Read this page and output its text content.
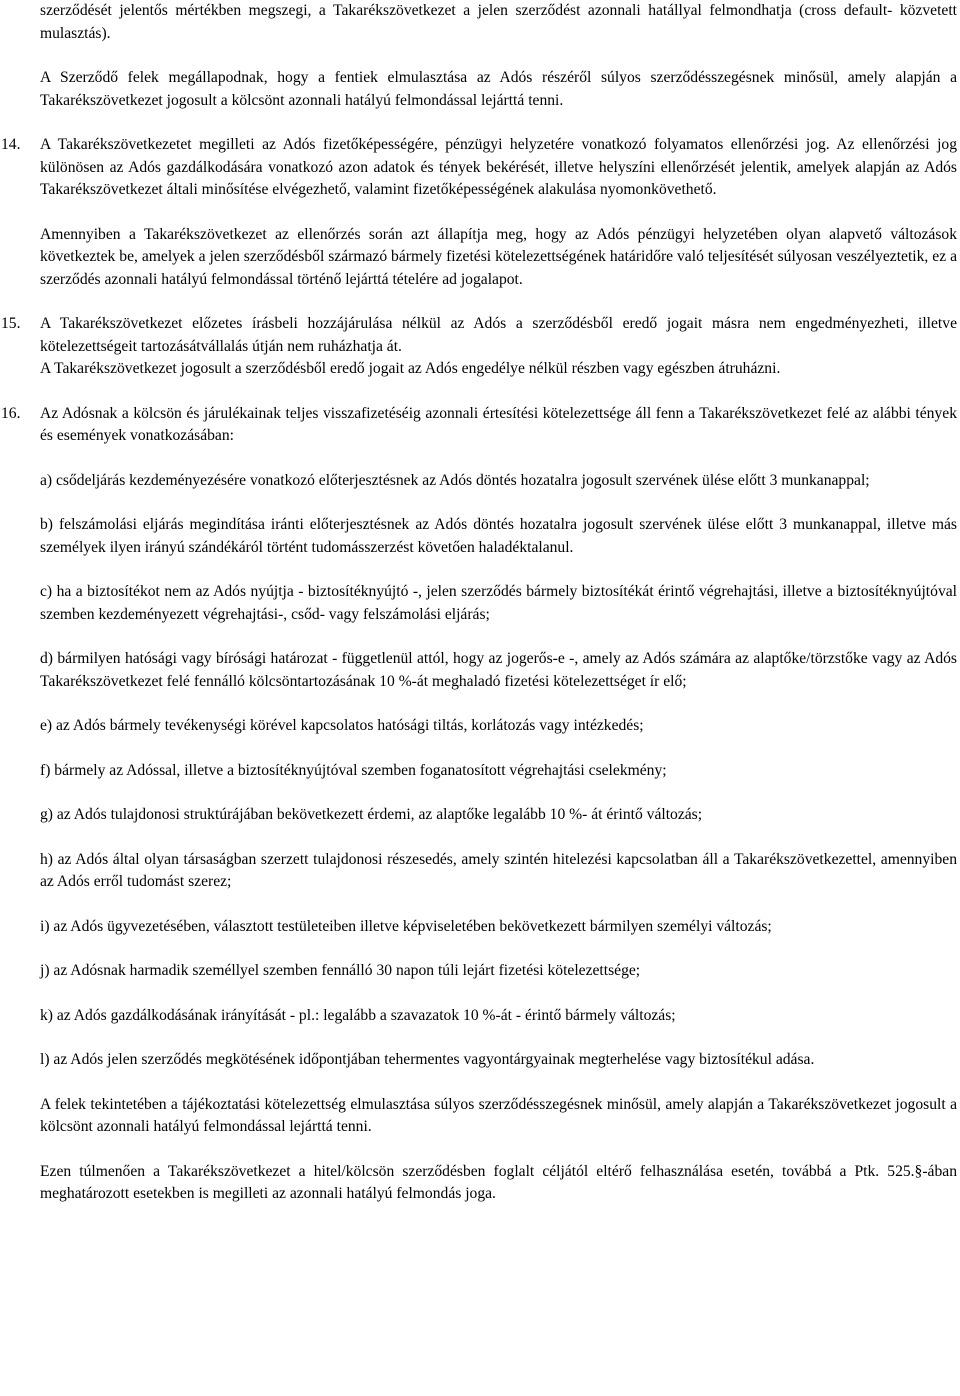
szerződését jelentős mértékben megszegi, a Takarékszövetkezet a jelen szerződést azonnali hatállyal felmondhatja (cross default- közvetett mulasztás).

A Szerződő felek megállapodnak, hogy a fentiek elmulasztása az Adós részéről súlyos szerződésszegésnek minősül, amely alapján a Takarékszövetkezet jogosult a kölcsönt azonnali hatályú felmondással lejárttá tenni.

14. A Takarékszövetkezetet megilleti az Adós fizetőképességére, pénzügyi helyzetére vonatkozó folyamatos ellenőrzési jog. Az ellenőrzési jog különösen az Adós gazdálkodására vonatkozó azon adatok és tények bekérését, illetve helyszíni ellenőrzését jelentik, amelyek alapján az Adós Takarékszövetkezet általi minősítése elvégezhető, valamint fizetőképességének alakulása nyomonkövethető.

Amennyiben a Takarékszövetkezet az ellenőrzés során azt állapítja meg, hogy az Adós pénzügyi helyzetében olyan alapvető változások következtek be, amelyek a jelen szerződésből származó bármely fizetési kötelezettségének határidőre való teljesítését súlyosan veszélyeztetik, ez a szerződés azonnali hatályú felmondással történő lejárttá tételére ad jogalapot.

15. A Takarékszövetkezet előzetes írásbeli hozzájárulása nélkül az Adós a szerződésből eredő jogait másra nem engedményezheti, illetve kötelezettségeit tartozásátvállalás útján nem ruházhatja át.

A Takarékszövetkezet jogosult a szerződésből eredő jogait az Adós engedélye nélkül részben vagy egészben átruházni.

16. Az Adósnak a kölcsön és járulékainak teljes visszafizetéséig azonnali értesítési kötelezettsége áll fenn a Takarékszövetkezet felé az alábbi tények és események vonatkozásában:

a) csődeljárás kezdeményezésére vonatkozó előterjesztésnek az Adós döntés hozatalra jogosult szervének ülése előtt 3 munkanappal;

b) felszámolási eljárás megindítása iránti előterjesztésnek az Adós döntés hozatalra jogosult szervének ülése előtt 3 munkanappal, illetve más személyek ilyen irányú szándékáról történt tudomásszerzést követően haladéktalanul.

c) ha a biztosítékot nem az Adós nyújtja - biztosítéknyújtó -, jelen szerződés bármely biztosítékát érintő végrehajtási, illetve a biztosítéknyújtóval szemben kezdeményezett végrehajtási-, csőd- vagy felszámolási eljárás;

d) bármilyen hatósági vagy bírósági határozat - függetlenül attól, hogy az jogerős-e -, amely az Adós számára az alaptőke/törzstőke vagy az Adós Takarékszövetkezet felé fennálló kölcsöntartozásának 10 %-át meghaladó fizetési kötelezettséget ír elő;

e) az Adós bármely tevékenységi körével kapcsolatos hatósági tiltás, korlátozás vagy intézkedés;

f) bármely az Adóssal, illetve a biztosítéknyújtóval szemben foganatosított végrehajtási cselekmény;

g) az Adós tulajdonosi struktúrájában bekövetkezett érdemi, az alaptőke legalább 10 %- át érintő változás;

h) az Adós által olyan társaságban szerzett tulajdonosi részesedés, amely szintén hitelezési kapcsolatban áll a Takarékszövetkezettel, amennyiben az Adós erről tudomást szerez;

i) az Adós ügyvezetésében, választott testületeiben illetve képviseletében bekövetkezett bármilyen személyi változás;

j) az Adósnak harmadik személlyel szemben fennálló 30 napon túli lejárt fizetési kötelezettsége;

k) az Adós gazdálkodásának irányítását - pl.: legalább a szavazatok 10 %-át - érintő bármely változás;

l) az Adós jelen szerződés megkötésének időpontjában tehermentes vagyontárgyainak megterhelése vagy biztosítékul adása.

A felek tekintetében a tájékoztatási kötelezettség elmulasztása súlyos szerződésszegésnek minősül, amely alapján a Takarékszövetkezet jogosult a kölcsönt azonnali hatályú felmondással lejárttá tenni.

Ezen túlmenően a Takarékszövetkezet a hitel/kölcsön szerződésben foglalt céljától eltérő felhasználása esetén, továbbá a Ptk. 525.§-ában meghatározott esetekben is megilleti az azonnali hatályú felmondás joga.
